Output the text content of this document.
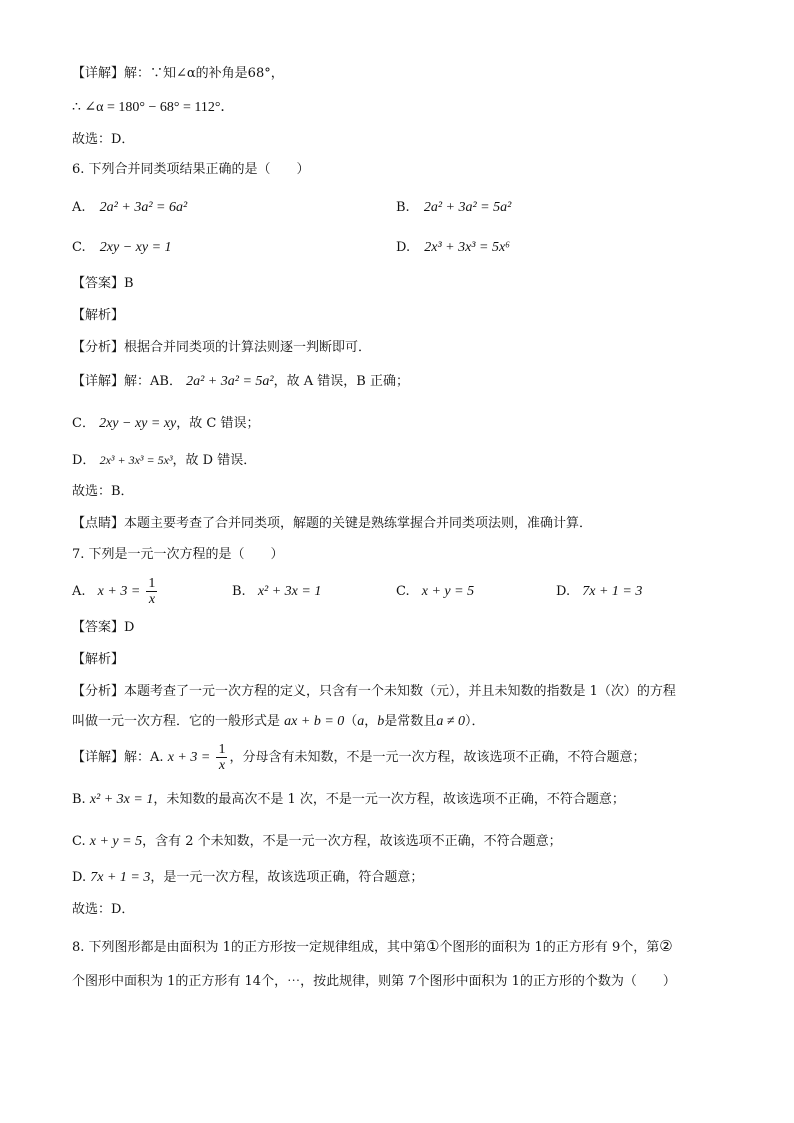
【详解】解：∵知∠α的补角是68°，
∴ ∠α = 180° − 68° = 112°．
故选：D．
6. 下列合并同类项结果正确的是（　　）
A. 2a² + 3a² = 6a²	B. 2a² + 3a² = 5a²
C. 2xy − xy = 1	D. 2x³ + 3x³ = 5x⁶
【答案】B
【解析】
【分析】根据合并同类项的计算法则逐一判断即可．
【详解】解：AB． 2a² + 3a² = 5a²，故 A 错误，B 正确；
C． 2xy − xy = xy，故 C 错误；
D． 2x³ + 3x³ = 5x³，故 D 错误．
故选：B．
【点睛】本题主要考查了合并同类项，解题的关键是熟练掌握合并同类项法则，准确计算．
7. 下列是一元一次方程的是（　　）
A. $x + 3 = \frac{1}{x}$	B. x² + 3x = 1	C. x + y = 5	D. 7x + 1 = 3
【答案】D
【解析】
【分析】本题考查了一元一次方程的定义，只含有一个未知数（元），并且未知数的指数是 1（次）的方程
叫做一元一次方程．它的一般形式是 ax + b = 0（a，b是常数且a ≠ 0）．
【详解】解：A. $x + 3 = \frac{1}{x}$ ，分母含有未知数，不是一元一次方程，故该选项不正确，不符合题意；
B. x² + 3x = 1，未知数的最高次不是 1 次，不是一元一次方程，故该选项不正确，不符合题意；
C. x + y = 5，含有 2 个未知数，不是一元一次方程，故该选项不正确，不符合题意；
D. 7x + 1 = 3，是一元一次方程，故该选项正确，符合题意；
故选：D．
8. 下列图形都是由面积为 1的正方形按一定规律组成，其中第①个图形的面积为 1的正方形有 9个，第②
个图形中面积为 1的正方形有 14个，⋯，按此规律，则第 7个图形中面积为 1的正方形的个数为（　　）
